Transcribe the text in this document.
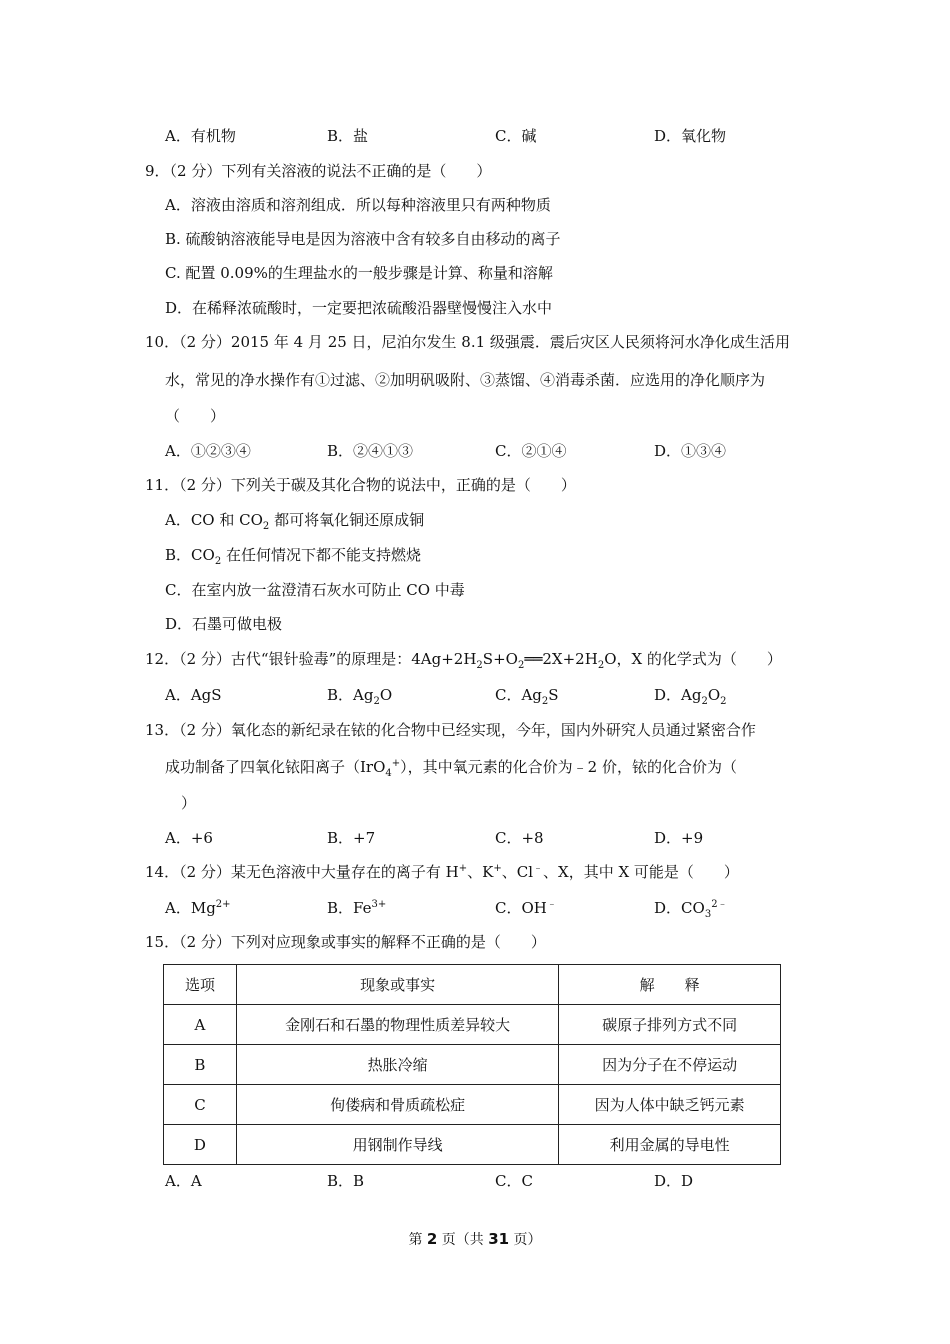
A．有机物	B．盐	C．碱	D．氧化物
9．（2 分）下列有关溶液的说法不正确的是（　　）
A．溶液由溶质和溶剂组成．所以每种溶液里只有两种物质
B. 硫酸钠溶液能导电是因为溶液中含有较多自由移动的离子
C. 配置 0.09%的生理盐水的一般步骤是计算、称量和溶解
D．在稀释浓硫酸时，一定要把浓硫酸沿器壁慢慢注入水中
10．（2 分）2015 年 4 月 25 日，尼泊尔发生 8.1 级强震．震后灾区人民须将河水净化成生活用
水，常见的净水操作有①过滤、②加明矾吸附、③蒸馏、④消毒杀菌．应选用的净化顺序为
（　　）
A．①②③④	B．②④①③	C．②①④	D．①③④
11．（2 分）下列关于碳及其化合物的说法中，正确的是（　　）
A．CO 和 $CO_2$ 都可将氧化铜还原成铜
B．$CO_2$ 在任何情况下都不能支持燃烧
C．在室内放一盆澄清石灰水可防止 CO 中毒
D．石墨可做电极
12．（2 分）古代“银针验毒”的原理是：$4Ag+2H_2S+O_2══2X+2H_2O$，X 的化学式为（　　）
A．AgS	B．$Ag_2O$	C．$Ag_2S$	D．$Ag_2O_2$
13．（2 分）氧化态的新纪录在铱的化合物中已经实现，今年，国内外研究人员通过紧密合作
成功制备了四氧化铱阳离子（IrO$_4$+），其中氧元素的化合价为﹣2 价，铱的化合价为（
）
A．+6	B．+7	C．+8	D．+9
14．（2 分）某无色溶液中大量存在的离子有 H+、K+、Cl﹣、X，其中 X 可能是（　　）
A．$Mg^{2+}$	B．$Fe^{3+}$	C．OH﹣	D．$CO_3^{2﹣}$
15．（2 分）下列对应现象或事实的解释不正确的是（　　）
选项	现象或事实	解　　释
A	金刚石和石墨的物理性质差异较大	碳原子排列方式不同
B	热胀冷缩	因为分子在不停运动
C	佝偻病和骨质疏松症	因为人体中缺乏钙元素
D	用钢制作导线	利用金属的导电性
A．A	B．B	C．C	D．D
第 2 页（共 31 页）
